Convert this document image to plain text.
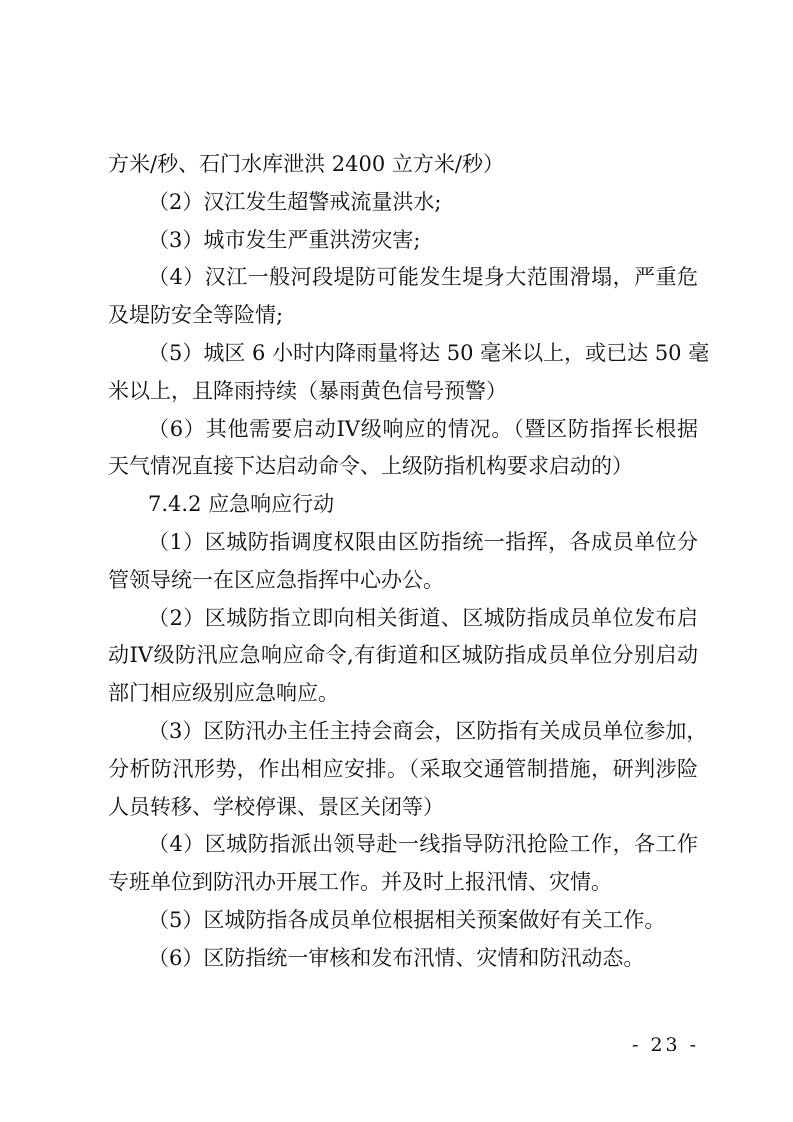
方米/秒、石门水库泄洪 2400 立方米/秒）

（2）汉江发生超警戒流量洪水;

（3）城市发生严重洪涝灾害;

（4）汉江一般河段堤防可能发生堤身大范围滑塌，严重危

及堤防安全等险情;

（5）城区 6 小时内降雨量将达 50 毫米以上，或已达 50 毫

米以上，且降雨持续（暴雨黄色信号预警）

（6）其他需要启动IV级响应的情况。（暨区防指挥长根据

天气情况直接下达启动命令、上级防指机构要求启动的）

7.4.2 应急响应行动

（1）区城防指调度权限由区防指统一指挥，各成员单位分

管领导统一在区应急指挥中心办公。

（2）区城防指立即向相关街道、区城防指成员单位发布启

动IV级防汛应急响应命令,有街道和区城防指成员单位分别启动

部门相应级别应急响应。

（3）区防汛办主任主持会商会，区防指有关成员单位参加，

分析防汛形势，作出相应安排。（采取交通管制措施，研判涉险

人员转移、学校停课、景区关闭等）

（4）区城防指派出领导赴一线指导防汛抢险工作，各工作

专班单位到防汛办开展工作。并及时上报汛情、灾情。

（5）区城防指各成员单位根据相关预案做好有关工作。

（6）区防指统一审核和发布汛情、灾情和防汛动态。

- 23 -
